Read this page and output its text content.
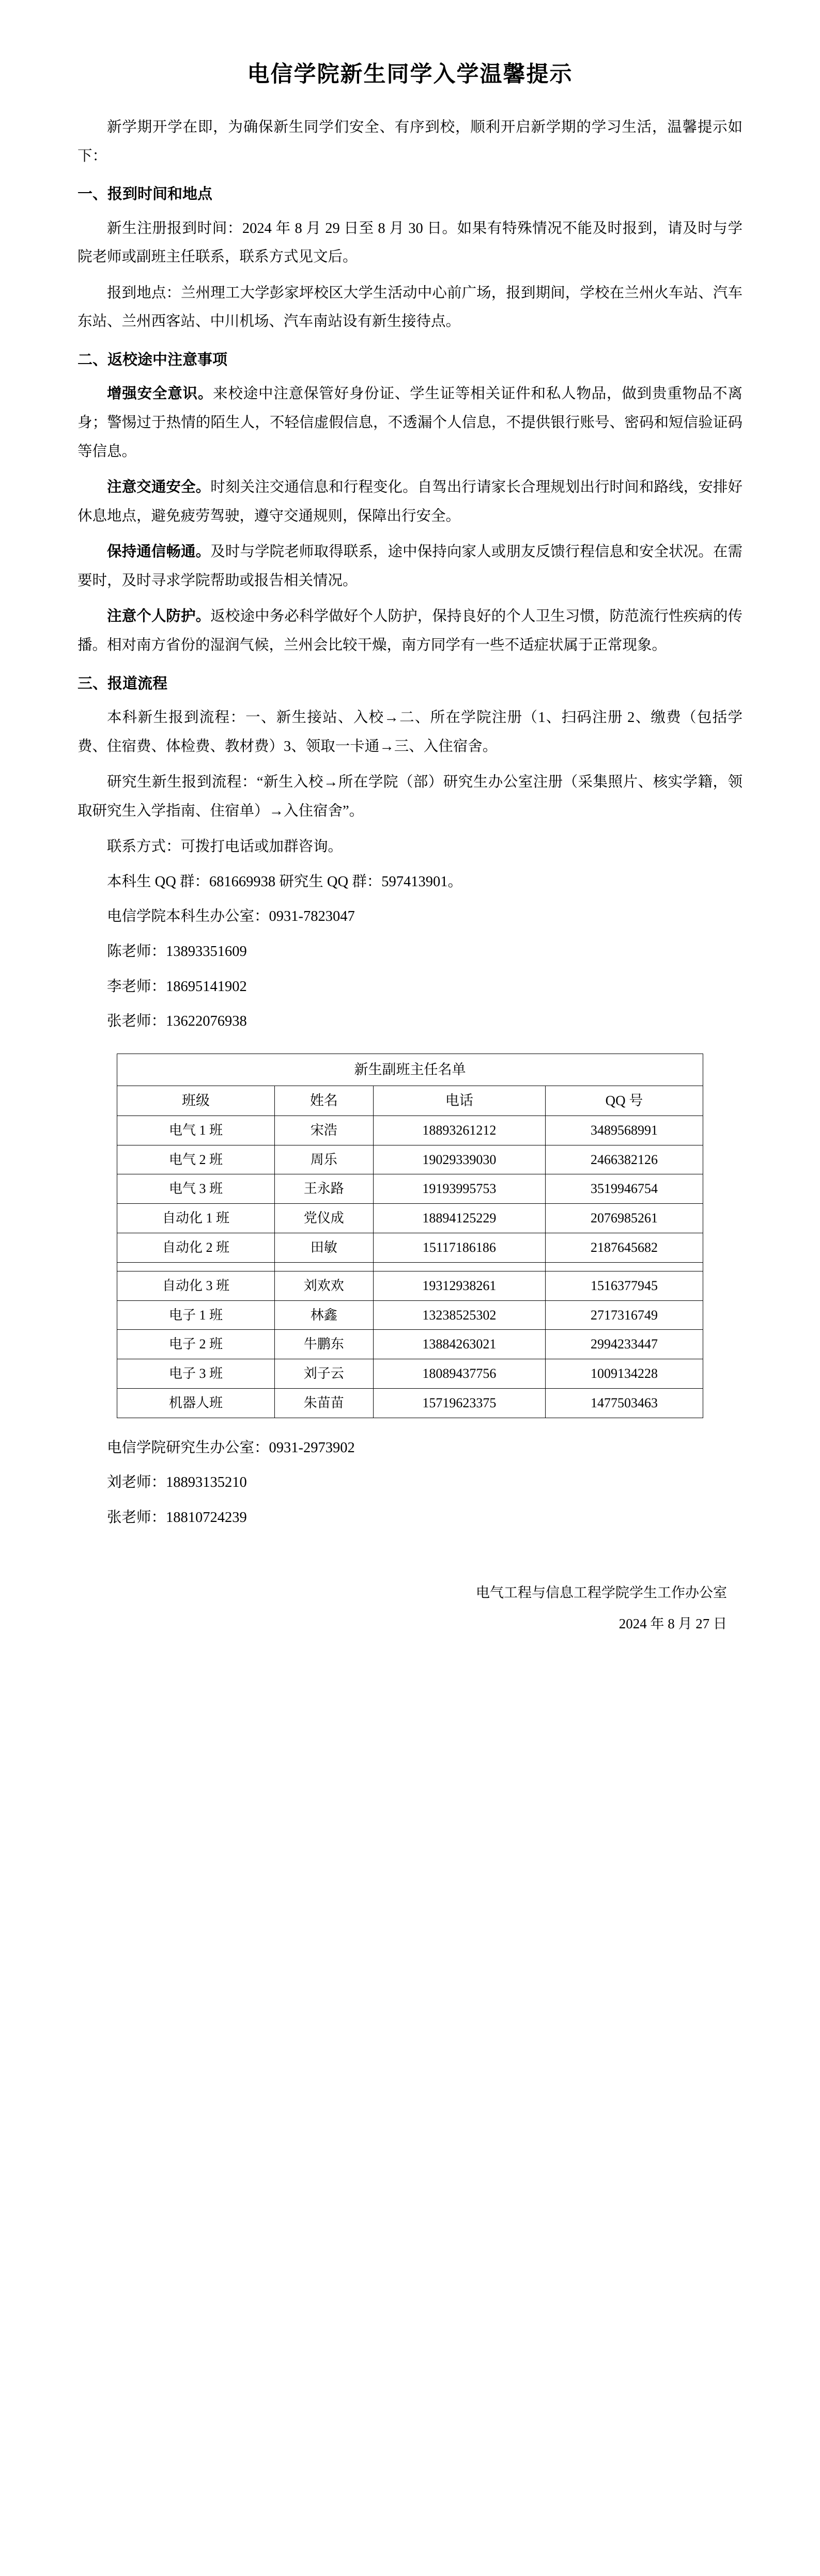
电信学院新生同学入学温馨提示

新学期开学在即，为确保新生同学们安全、有序到校，顺利开启新学期的学习生活，温馨提示如下：

一、报到时间和地点

新生注册报到时间：2024 年 8 月 29 日至 8 月 30 日。如果有特殊情况不能及时报到，请及时与学院老师或副班主任联系，联系方式见文后。

报到地点：兰州理工大学彭家坪校区大学生活动中心前广场，报到期间，学校在兰州火车站、汽车东站、兰州西客站、中川机场、汽车南站设有新生接待点。

二、返校途中注意事项

增强安全意识。来校途中注意保管好身份证、学生证等相关证件和私人物品，做到贵重物品不离身；警惕过于热情的陌生人，不轻信虚假信息，不透漏个人信息，不提供银行账号、密码和短信验证码等信息。

注意交通安全。时刻关注交通信息和行程变化。自驾出行请家长合理规划出行时间和路线，安排好休息地点，避免疲劳驾驶，遵守交通规则，保障出行安全。

保持通信畅通。及时与学院老师取得联系，途中保持向家人或朋友反馈行程信息和安全状况。在需要时，及时寻求学院帮助或报告相关情况。

注意个人防护。返校途中务必科学做好个人防护，保持良好的个人卫生习惯，防范流行性疾病的传播。相对南方省份的湿润气候，兰州会比较干燥，南方同学有一些不适症状属于正常现象。

三、报道流程

本科新生报到流程：一、新生接站、入校→二、所在学院注册（1、扫码注册 2、缴费（包括学费、住宿费、体检费、教材费）3、领取一卡通→三、入住宿舍。

研究生新生报到流程：“新生入校→所在学院（部）研究生办公室注册（采集照片、核实学籍，领取研究生入学指南、住宿单）→入住宿舍”。

联系方式：可拨打电话或加群咨询。

本科生 QQ 群：681669938 研究生 QQ 群：597413901。

电信学院本科生办公室：0931-7823047

陈老师：13893351609

李老师：18695141902

张老师：13622076938

新生副班主任名单			
班级	姓名	电话	QQ 号
电气 1 班	宋浩	18893261212	3489568991
电气 2 班	周乐	19029339030	2466382126
电气 3 班	王永路	19193995753	3519946754
自动化 1 班	党仪成	18894125229	2076985261
自动化 2 班	田敏	15117186186	2187645682

自动化 3 班	刘欢欢	19312938261	1516377945
电子 1 班	林鑫	13238525302	2717316749
电子 2 班	牛鹏东	13884263021	2994233447
电子 3 班	刘子云	18089437756	1009134228
机器人班	朱苗苗	15719623375	1477503463

电信学院研究生办公室：0931-2973902

刘老师：18893135210

张老师：18810724239

电气工程与信息工程学院学生工作办公室
2024 年 8 月 27 日
